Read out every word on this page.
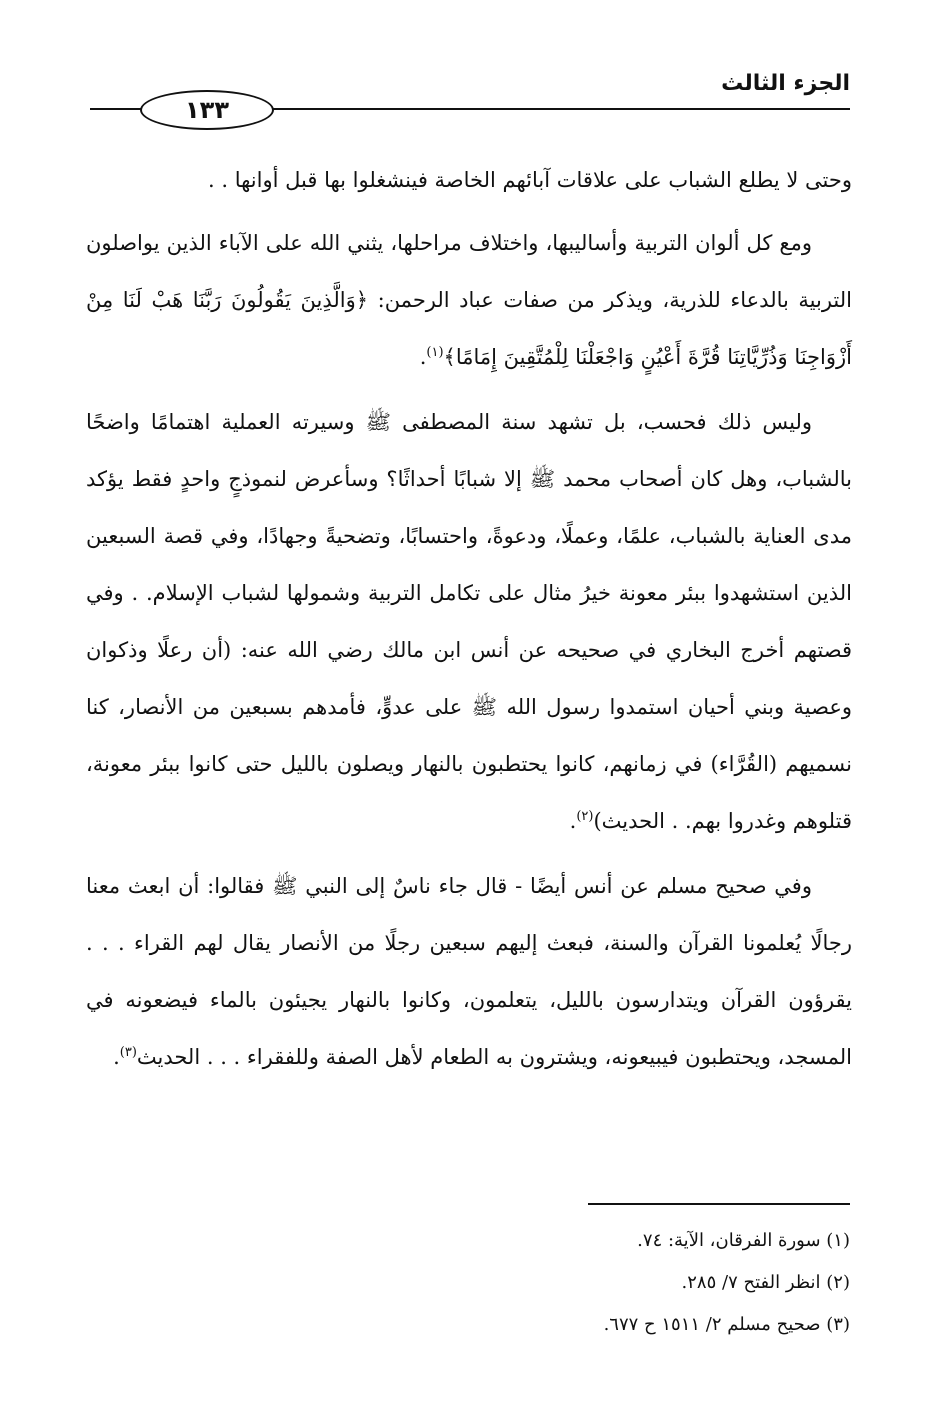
الجزء الثالث
١٣٣

وحتى لا يطلع الشباب على علاقات آبائهم الخاصة فينشغلوا بها قبل أوانها . .

ومع كل ألوان التربية وأساليبها، واختلاف مراحلها، يثني الله على الآباء الذين يواصلون التربية بالدعاء للذرية، ويذكر من صفات عباد الرحمن: ﴿وَالَّذِينَ يَقُولُونَ رَبَّنَا هَبْ لَنَا مِنْ أَزْوَاجِنَا وَذُرِّيَّاتِنَا قُرَّةَ أَعْيُنٍ وَاجْعَلْنَا لِلْمُتَّقِينَ إِمَامًا﴾$^{(١)}$.

وليس ذلك فحسب، بل تشهد سنة المصطفى ﷺ وسيرته العملية اهتمامًا واضحًا بالشباب، وهل كان أصحاب محمد ﷺ إلا شبابًا أحداثًا؟ وسأعرض لنموذجٍ واحدٍ فقط يؤكد مدى العناية بالشباب، علمًا، وعملًا، ودعوةً، واحتسابًا، وتضحيةً وجهادًا، وفي قصة السبعين الذين استشهدوا ببئر معونة خيرُ مثال على تكامل التربية وشمولها لشباب الإسلام. . وفي قصتهم أخرج البخاري في صحيحه عن أنس ابن مالك رضي الله عنه: (أن رعلًا وذكوان وعصية وبني أحيان استمدوا رسول الله ﷺ على عدوٍّ، فأمدهم بسبعين من الأنصار، كنا نسميهم (القُرَّاء) في زمانهم، كانوا يحتطبون بالنهار ويصلون بالليل حتى كانوا ببئر معونة، قتلوهم وغدروا بهم. . الحديث)$^{(٢)}$.

وفي صحيح مسلم عن أنس أيضًا - قال جاء ناسٌ إلى النبي ﷺ فقالوا: أن ابعث معنا رجالًا يُعلمونا القرآن والسنة، فبعث إليهم سبعين رجلًا من الأنصار يقال لهم القراء . . . يقرؤون القرآن ويتدارسون بالليل، يتعلمون، وكانوا بالنهار يجيئون بالماء فيضعونه في المسجد، ويحتطبون فيبيعونه، ويشترون به الطعام لأهل الصفة وللفقراء . . . الحديث$^{(٣)}$.

(١) سورة الفرقان، الآية: ٧٤.
(٢) انظر الفتح ٧/ ٢٨٥.
(٣) صحيح مسلم ٢/ ١٥١١ ح ٦٧٧.
